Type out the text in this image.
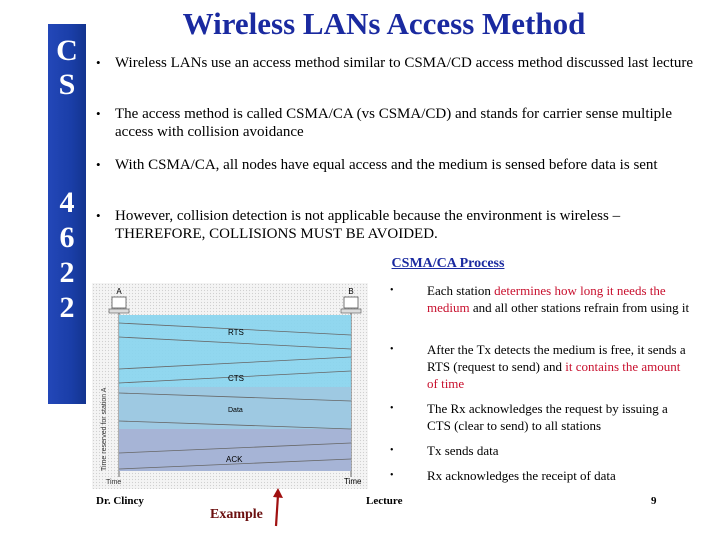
C
S
4
6
2
2
Wireless LANs Access Method
• Wireless LANs use an access method similar to CSMA/CD access method discussed last lecture
• The access method is called CSMA/CA (vs CSMA/CD) and stands for carrier sense multiple access with collision avoidance
• With CSMA/CA, all nodes have equal access and the medium is sensed before data is sent
• However, collision detection is not applicable because the environment is wireless – THEREFORE, COLLISIONS MUST BE AVOIDED.
CSMA/CA Process
•	Each station determines how long it needs the medium and all other stations refrain from using it
•	After the Tx detects the medium is free, it sends a RTS (request to send) and it contains the amount of time
•	The Rx acknowledges the request by issuing a CTS (clear to send) to all stations
•	Tx sends data
•	Rx acknowledges the receipt of data
A	B
RTS
CTS
Data
ACK
Time reserved for station A
Time	Time
Dr. Clincy	Lecture	9
Example
